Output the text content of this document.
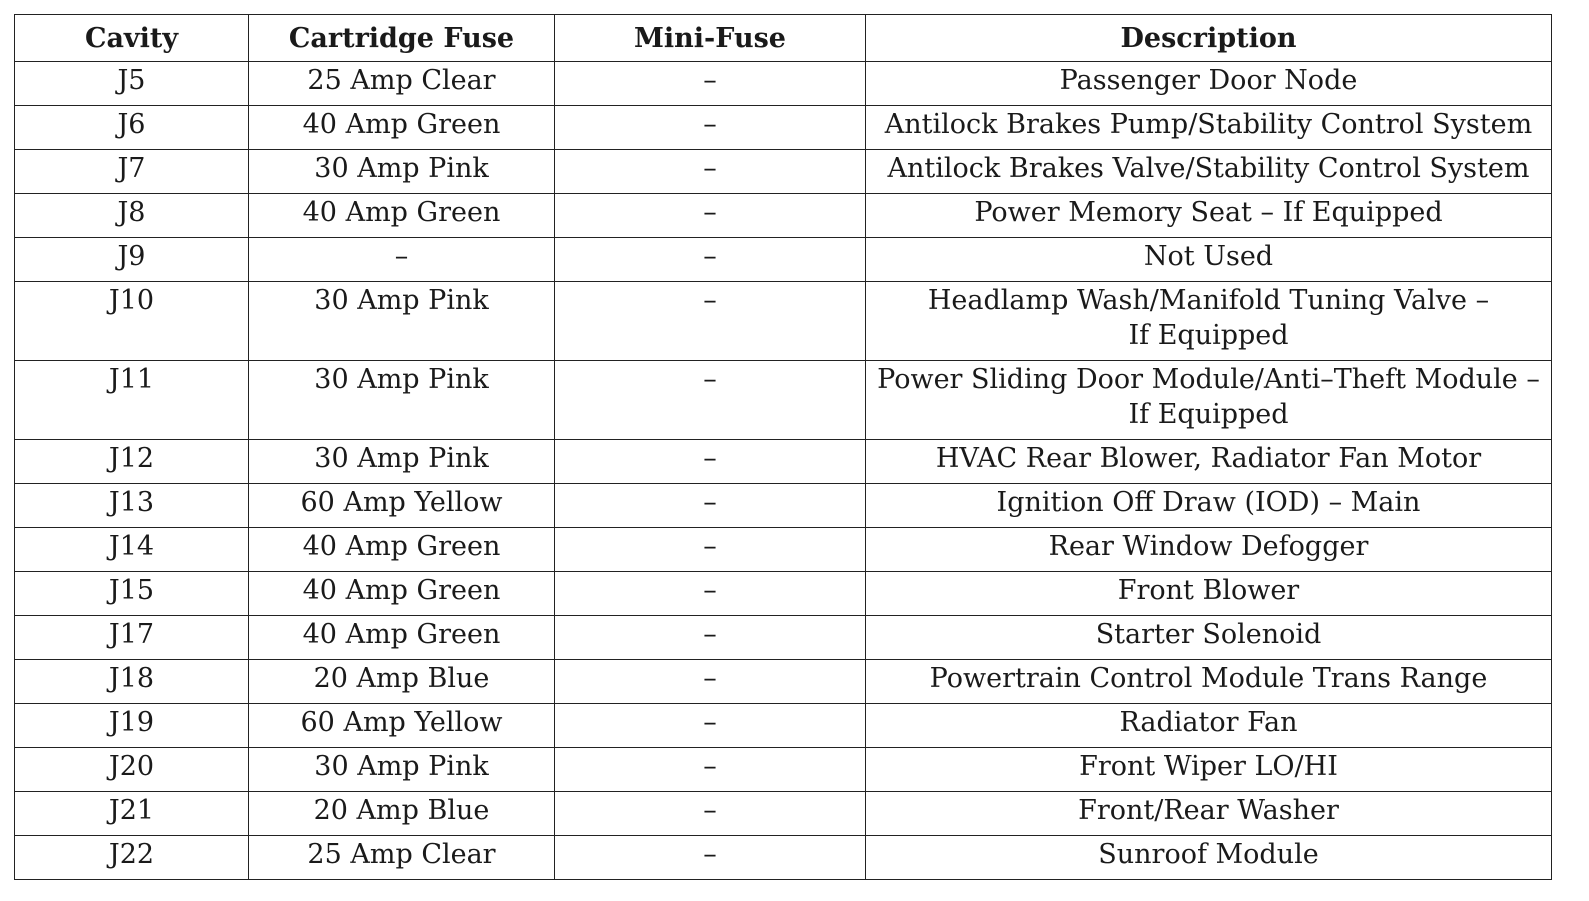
Cavity	Cartridge Fuse	Mini-Fuse	Description
J5	25 Amp Clear	–	Passenger Door Node

J6	40 Amp Green	–	Antilock Brakes Pump/Stability Control System

J7	30 Amp Pink	–	Antilock Brakes Valve/Stability Control System

J8	40 Amp Green	–	Power Memory Seat – If Equipped

J9	–	–	Not Used

J10	30 Amp Pink	–	Headlamp Wash/Manifold Tuning Valve –
If Equipped

J11	30 Amp Pink	–	Power Sliding Door Module/Anti–Theft Module –
If Equipped

J12	30 Amp Pink	–	HVAC Rear Blower, Radiator Fan Motor

J13	60 Amp Yellow	–	Ignition Off Draw (IOD) – Main

J14	40 Amp Green	–	Rear Window Defogger

J15	40 Amp Green	–	Front Blower

J17	40 Amp Green	–	Starter Solenoid

J18	20 Amp Blue	–	Powertrain Control Module Trans Range

J19	60 Amp Yellow	–	Radiator Fan

J20	30 Amp Pink	–	Front Wiper LO/HI

J21	20 Amp Blue	–	Front/Rear Washer

J22	25 Amp Clear	–	Sunroof Module
